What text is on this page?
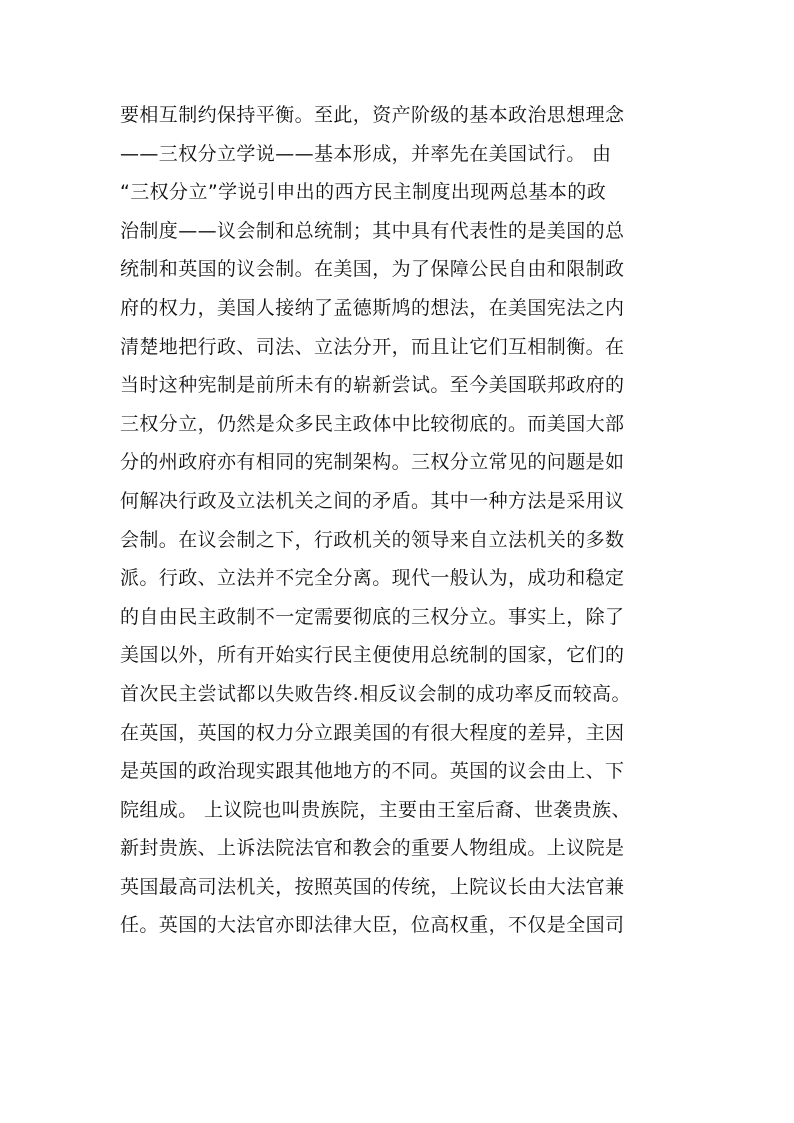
要相互制约保持平衡。至此，资产阶级的基本政治思想理念
——三权分立学说——基本形成，并率先在美国试行。 由
“三权分立”学说引申出的西方民主制度出现两总基本的政
治制度——议会制和总统制；其中具有代表性的是美国的总
统制和英国的议会制。在美国，为了保障公民自由和限制政
府的权力，美国人接纳了孟德斯鸠的想法，在美国宪法之内
清楚地把行政、司法、立法分开，而且让它们互相制衡。在
当时这种宪制是前所未有的崭新尝试。至今美国联邦政府的
三权分立，仍然是众多民主政体中比较彻底的。而美国大部
分的州政府亦有相同的宪制架构。三权分立常见的问题是如
何解决行政及立法机关之间的矛盾。其中一种方法是采用议
会制。在议会制之下，行政机关的领导来自立法机关的多数
派。行政、立法并不完全分离。现代一般认为，成功和稳定
的自由民主政制不一定需要彻底的三权分立。事实上，除了
美国以外，所有开始实行民主便使用总统制的国家，它们的
首次民主尝试都以失败告终.相反议会制的成功率反而较高。
在英国，英国的权力分立跟美国的有很大程度的差异，主因
是英国的政治现实跟其他地方的不同。英国的议会由上、下
院组成。 上议院也叫贵族院，主要由王室后裔、世袭贵族、
新封贵族、上诉法院法官和教会的重要人物组成。上议院是
英国最高司法机关，按照英国的传统，上院议长由大法官兼
任。英国的大法官亦即法律大臣，位高权重，不仅是全国司
